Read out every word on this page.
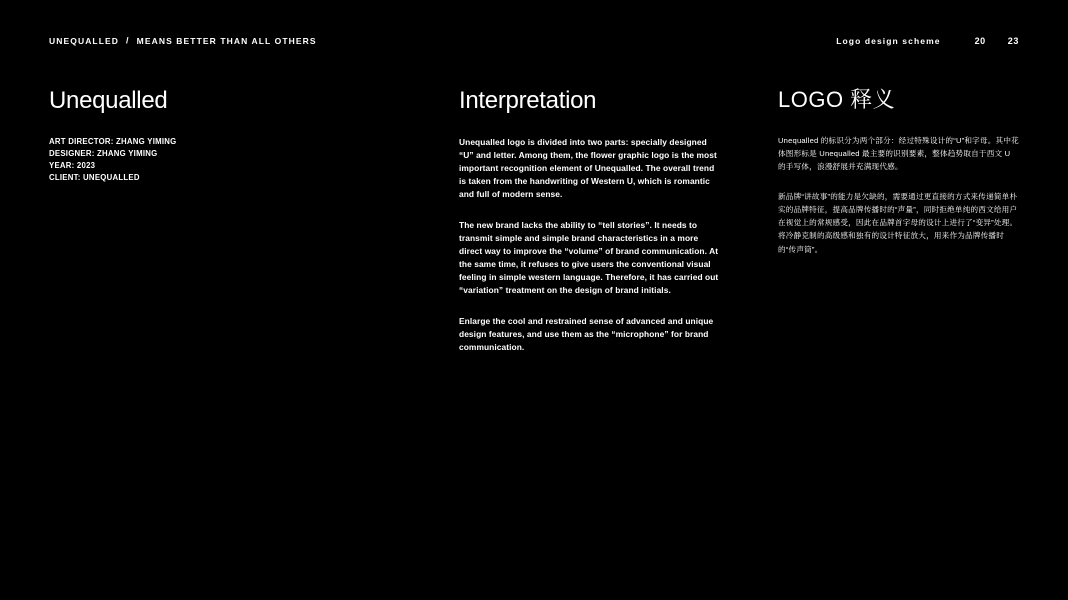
UNEQUALLED / MEANS BETTER THAN ALL OTHERS	Logo design scheme	20 23
Unequalled
ART DIRECTOR: ZHANG YIMING
DESIGNER: ZHANG YIMING
YEAR: 2023
CLIENT: UNEQUALLED
Interpretation

Unequalled logo is divided into two parts: specially designed “U” and letter. Among them, the flower graphic logo is the most important recognition element of Unequalled. The overall trend is taken from the handwriting of Western U, which is romantic and full of modern sense.

The new brand lacks the ability to “tell stories”. It needs to transmit simple and simple brand characteristics in a more direct way to improve the “volume” of brand communication. At the same time, it refuses to give users the conventional visual feeling in simple western language. Therefore, it has carried out “variation” treatment on the design of brand initials.

Enlarge the cool and restrained sense of advanced and unique design features, and use them as the “microphone” for brand communication.

LOGO 释义

Unequalled 的标识分为两个部分：经过特殊设计的“U”和字母。其中花体图形标是 Unequalled 最主要的识别要素，整体趋势取自于西文 U 的手写体，浪漫舒展并充满现代感。

新品牌“讲故事”的能力是欠缺的，需要通过更直接的方式来传递简单朴实的品牌特征，提高品牌传播时的“声量”，同时拒绝单纯的西文给用户在视觉上的常规感受，因此在品牌首字母的设计上进行了“变异”处理。将冷静克制的高级感和独有的设计特征放大，用来作为品牌传播时的“传声筒”。
